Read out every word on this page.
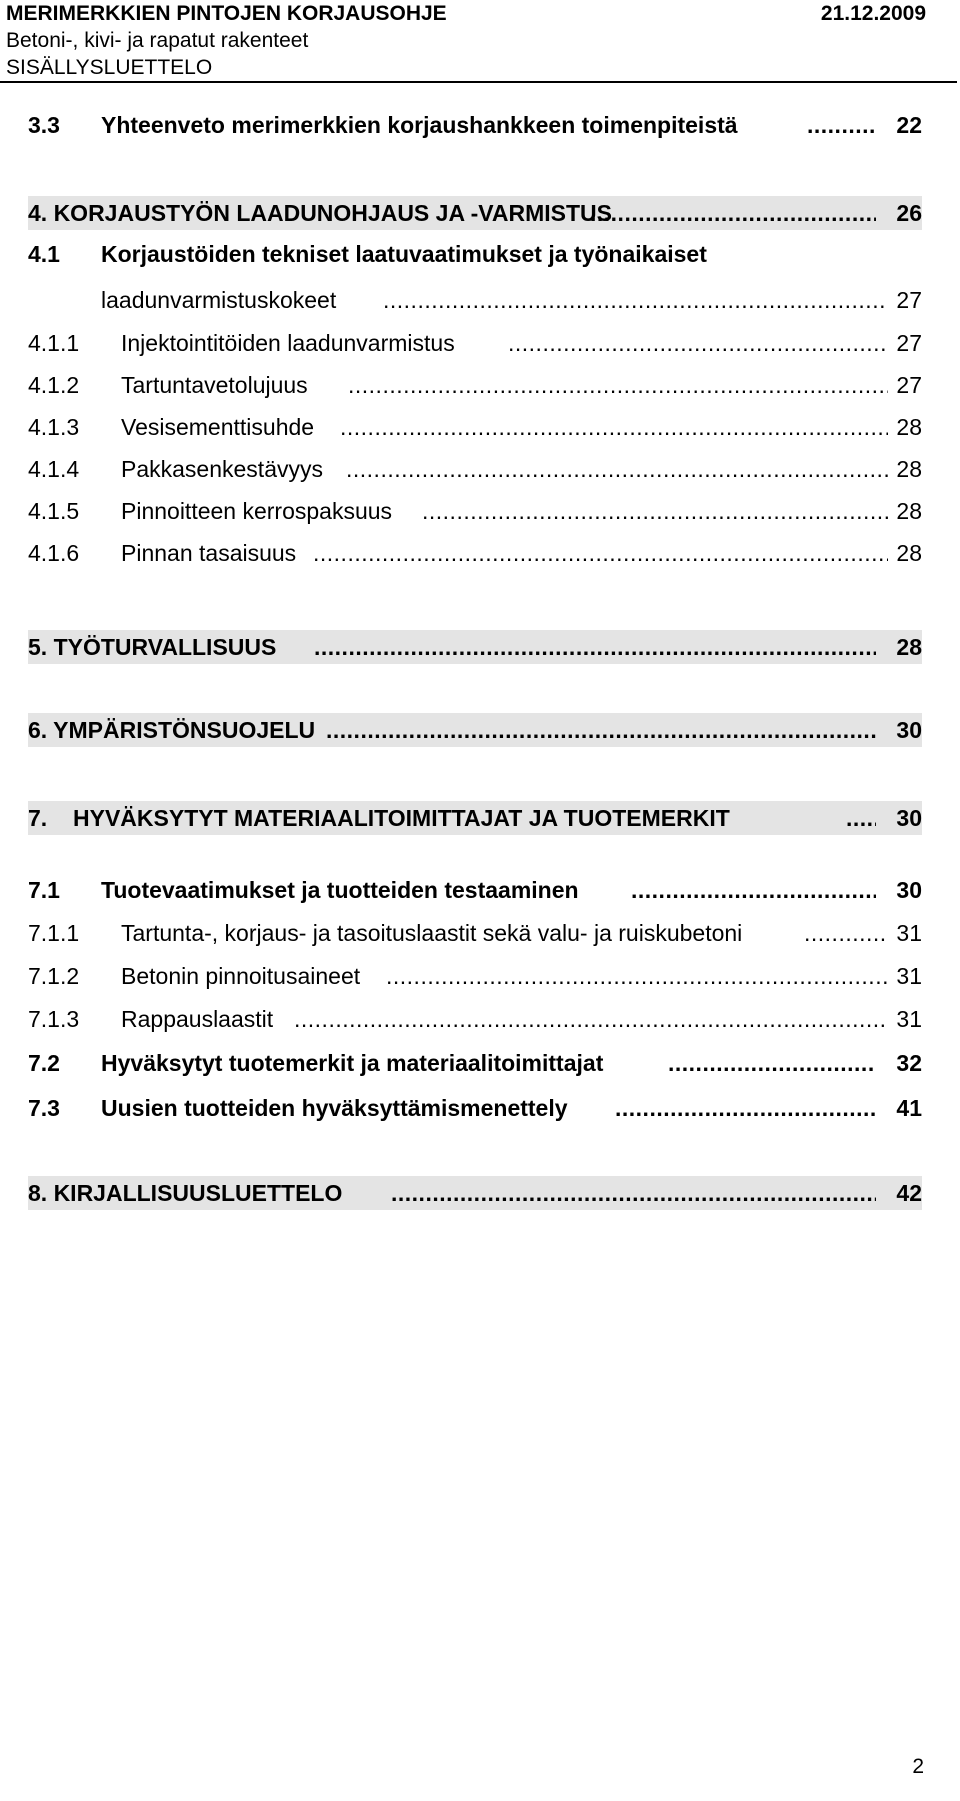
MERIMERKKIEN PINTOJEN KORJAUSOHJE	21.12.2009
Betoni-, kivi- ja rapatut rakenteet
SISÄLLYSLUETTELO
3.3 Yhteenveto merimerkkien korjaushankkeen toimenpiteistä .....	22
4. KORJAUSTYÖN LAADUNOHJAUS JA -VARMISTUS .....	26
4.1 Korjaustöiden tekniset laatuvaatimukset ja työnaikaiset
laadunvarmistuskokeet .....	27
4.1.1 Injektointitöiden laadunvarmistus .....	27
4.1.2 Tartuntavetolujuus .....	27
4.1.3 Vesisementtisuhde .....	28
4.1.4 Pakkasenkestävyys .....	28
4.1.5 Pinnoitteen kerrospaksuus .....	28
4.1.6 Pinnan tasaisuus .....	28
5. TYÖTURVALLISUUS .....	28
6. YMPÄRISTÖNSUOJELU .....	30
7. HYVÄKSYTYT MATERIAALITOIMITTAJAT JA TUOTEMERKIT .....	30
7.1 Tuotevaatimukset ja tuotteiden testaaminen .....	30
7.1.1 Tartunta-, korjaus- ja tasoituslaastit sekä valu- ja ruiskubetoni .....	31
7.1.2 Betonin pinnoitusaineet .....	31
7.1.3 Rappauslaastit .....	31
7.2 Hyväksytyt tuotemerkit ja materiaalitoimittajat .....	32
7.3 Uusien tuotteiden hyväksyttämismenettely .....	41
8. KIRJALLISUUSLUETTELO .....	42
2
